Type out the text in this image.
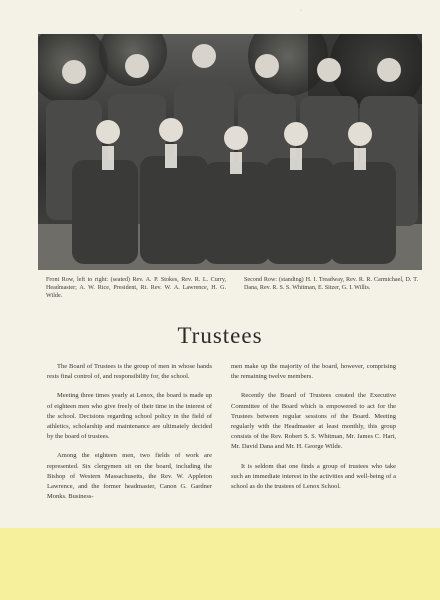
·
Front Row, left to right: (seated) Rev. A. P. Stokes, Rev. R. L. Curry, Headmaster; A. W. Rice, President, Rt. Rev. W. A. Lawrence, H. G. Wilde.
Second Row: (standing) H. I. Treadway, Rev. R. R. Carmichael, D. T. Dana, Rev. R. S. S. Whitman, E. Sitzer, G. I. Willis.
Trustees

The Board of Trustees is the group of men in whose hands rests final control of, and responsibility for, the school.

Meeting three times yearly at Lenox, the board is made up of eighteen men who give freely of their time in the interest of the school. Decisions regarding school policy in the field of athletics, scholarship and maintenance are ultimately decided by the board of trustees.

Among the eighteen men, two fields of work are represented. Six clergymen sit on the board, including the Bishop of Western Massachusetts, the Rev. W. Appleton Lawrence, and the former headmaster, Canon G. Gardner Monks. Business-

men make up the majority of the board, however, comprising the remaining twelve members.

Recently the Board of Trustees created the Executive Committee of the Board which is empowered to act for the Trustees between regular sessions of the Board. Meeting regularly with the Headmaster at least monthly, this group consists of the Rev. Robert S. S. Whitman, Mr. James C. Hart, Mr. David Dana and Mr. H. George Wilde.

It is seldom that one finds a group of trustees who take such an immediate interest in the activities and well-being of a school as do the trustees of Lenox School.
